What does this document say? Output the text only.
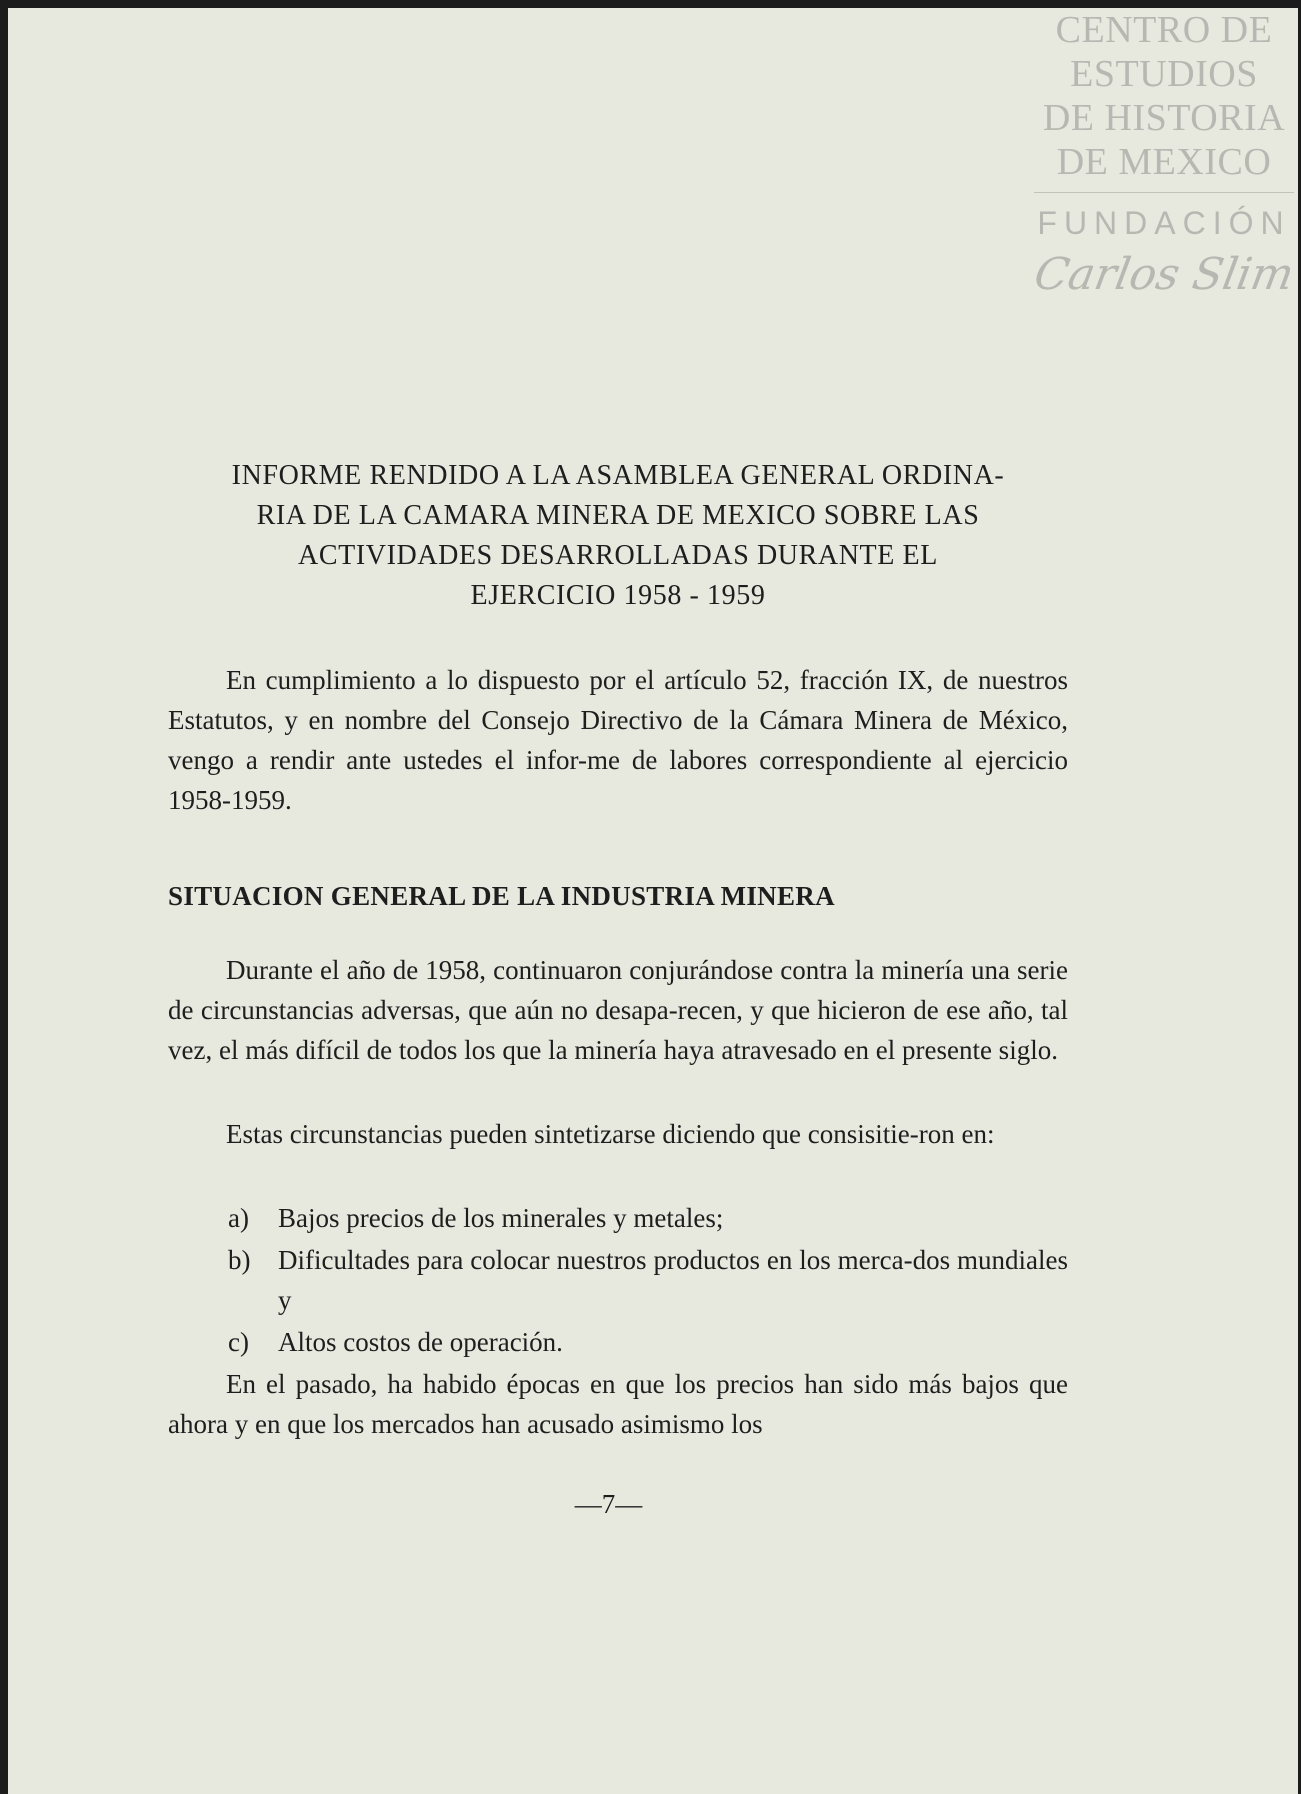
CENTRO DE
ESTUDIOS
DE HISTORIA
DE MEXICO
FUNDACIÓN
Carlos Slim
INFORME RENDIDO A LA ASAMBLEA GENERAL ORDINA-
RIA DE LA CAMARA MINERA DE MEXICO SOBRE LAS
ACTIVIDADES DESARROLLADAS DURANTE EL
EJERCICIO 1958 - 1959

En cumplimiento a lo dispuesto por el artículo 52, fracción IX, de nuestros Estatutos, y en nombre del Consejo Directivo de la Cámara Minera de México, vengo a rendir ante ustedes el infor-me de labores correspondiente al ejercicio 1958-1959.

SITUACION GENERAL DE LA INDUSTRIA MINERA

Durante el año de 1958, continuaron conjurándose contra la minería una serie de circunstancias adversas, que aún no desapa-recen, y que hicieron de ese año, tal vez, el más difícil de todos los que la minería haya atravesado en el presente siglo.

Estas circunstancias pueden sintetizarse diciendo que consisitie-ron en:

a)	Bajos precios de los minerales y metales;
b)	Dificultades para colocar nuestros productos en los merca-dos mundiales y
c)	Altos costos de operación.

En el pasado, ha habido épocas en que los precios han sido más bajos que ahora y en que los mercados han acusado asimismo los

—7—
